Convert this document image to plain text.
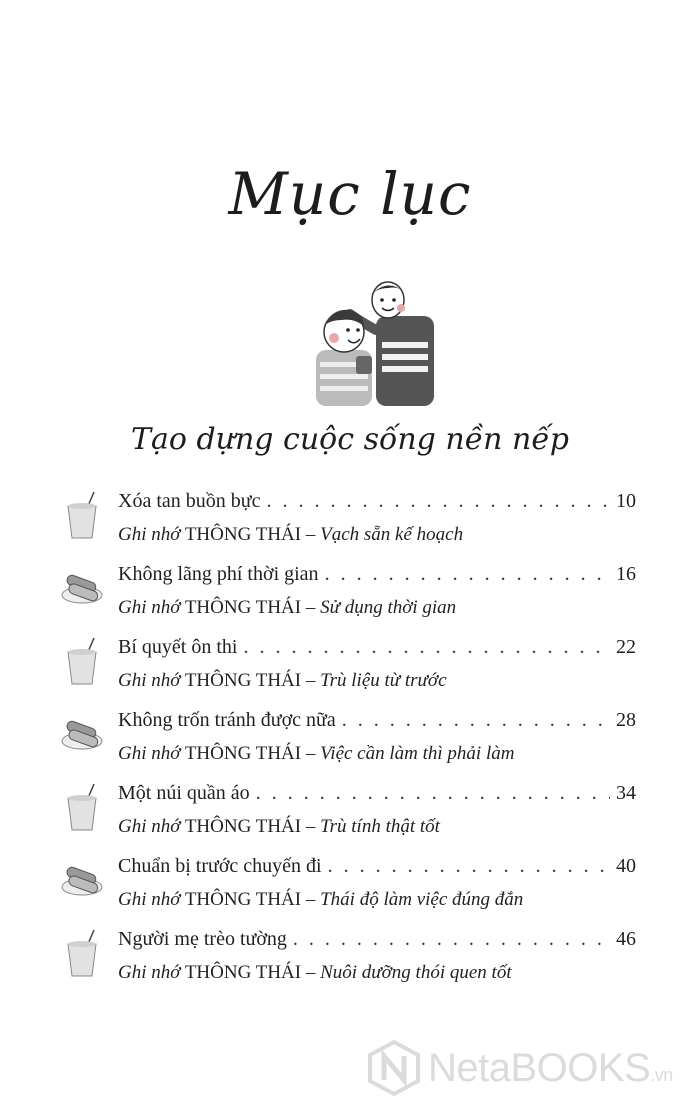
Mục lục
Tạo dựng cuộc sống nền nếp
Xóa tan buồn bực . . .	10
Ghi nhớ THÔNG THÁI – Vạch sẵn kế hoạch
Không lãng phí thời gian . . .	16
Ghi nhớ THÔNG THÁI – Sử dụng thời gian
Bí quyết ôn thi . . .	22
Ghi nhớ THÔNG THÁI – Trù liệu từ trước
Không trốn tránh được nữa . . .	28
Ghi nhớ THÔNG THÁI – Việc cần làm thì phải làm
Một núi quần áo . . .	34
Ghi nhớ THÔNG THÁI – Trù tính thật tốt
Chuẩn bị trước chuyến đi . . .	40
Ghi nhớ THÔNG THÁI – Thái độ làm việc đúng đắn
Người mẹ trèo tường . . .	46
Ghi nhớ THÔNG THÁI – Nuôi dưỡng thói quen tốt
NetaBOOKS.vn
